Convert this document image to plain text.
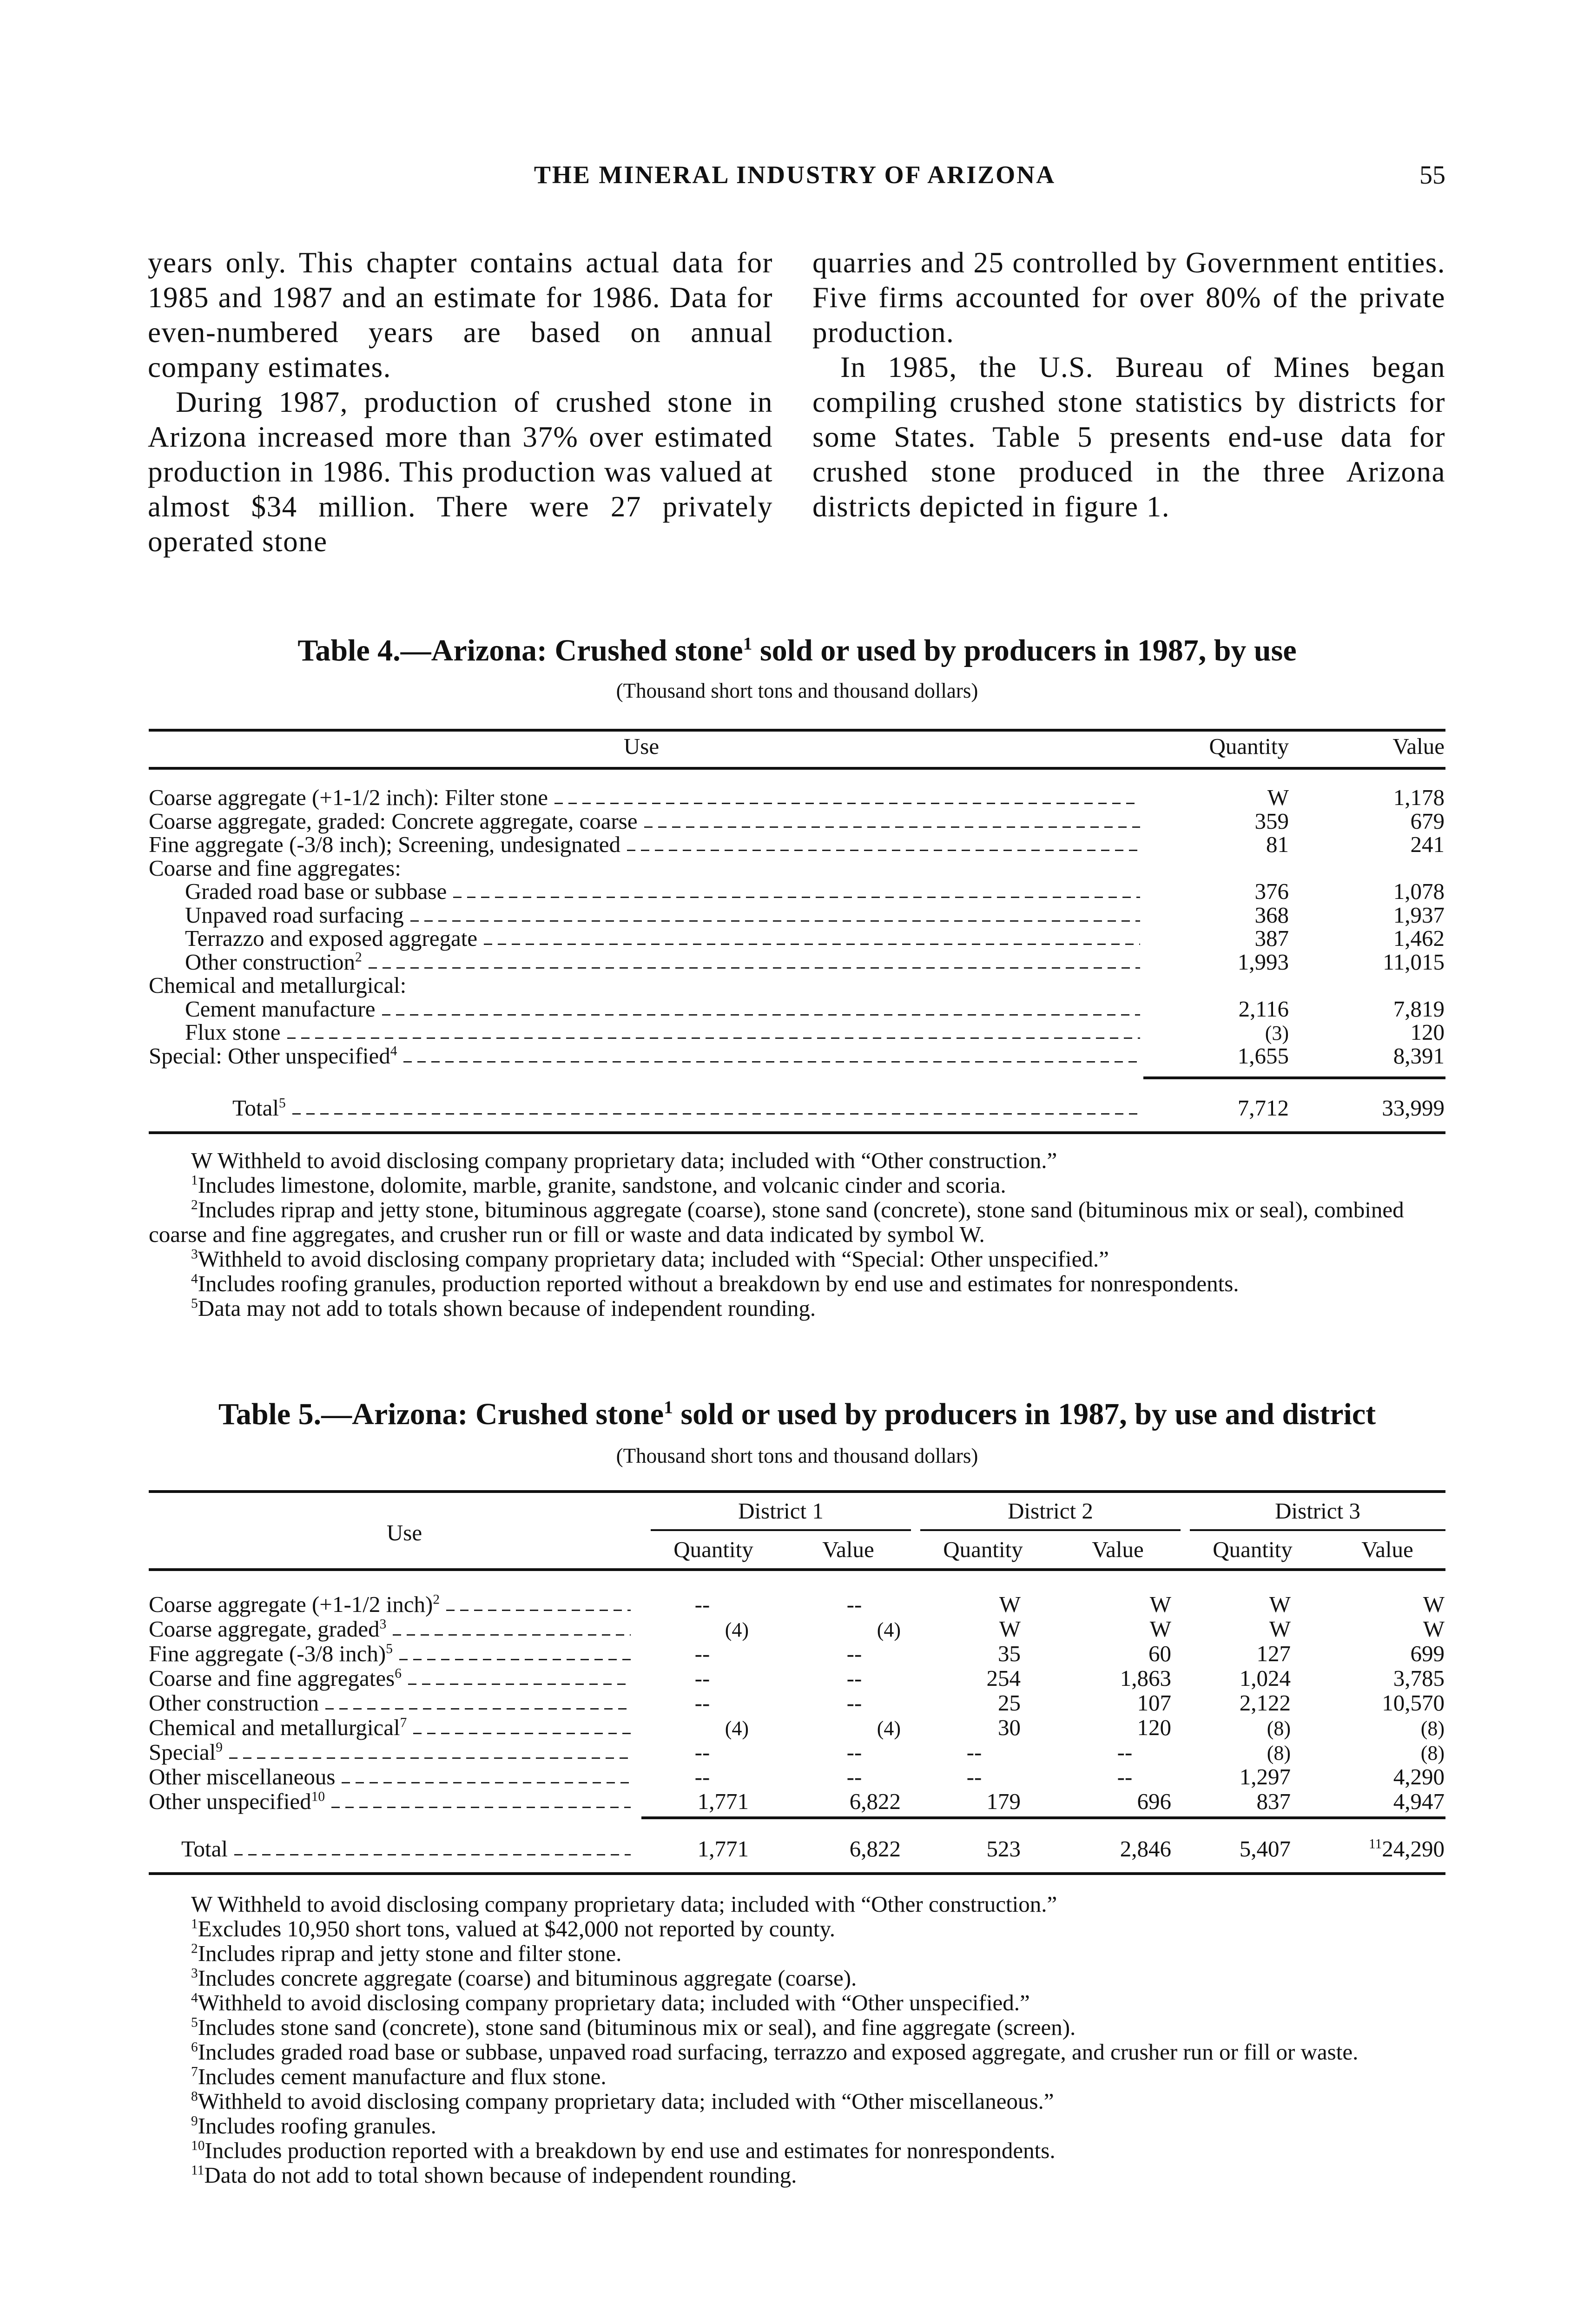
THE MINERAL INDUSTRY OF ARIZONA	55

years only. This chapter contains actual data for 1985 and 1987 and an estimate for 1986. Data for even-numbered years are based on annual company estimates.

During 1987, production of crushed stone in Arizona increased more than 37% over estimated production in 1986. This production was valued at almost $34 million. There were 27 privately operated stone

quarries and 25 controlled by Government entities. Five firms accounted for over 80% of the private production.

In 1985, the U.S. Bureau of Mines began compiling crushed stone statistics by districts for some States. Table 5 presents end-use data for crushed stone produced in the three Arizona districts depicted in figure 1.

Table 4.—Arizona: Crushed stone$^1$ sold or used by producers in 1987, by use
(Thousand short tons and thousand dollars)
Use	Quantity	Value
Coarse aggregate (+1-1/2 inch): Filter stone	W	1,178
Coarse aggregate, graded: Concrete aggregate, coarse	359	679
Fine aggregate (-3/8 inch); Screening, undesignated	81	241
Coarse and fine aggregates:
Graded road base or subbase	376	1,078
Unpaved road surfacing	368	1,937
Terrazzo and exposed aggregate	387	1,462
Other construction$^2$	1,993	11,015
Chemical and metallurgical:
Cement manufacture	2,116	7,819
Flux stone	(3)	120
Special: Other unspecified$^4$	1,655	8,391
Total$^5$	7,712	33,999

W Withheld to avoid disclosing company proprietary data; included with “Other construction.”

$^1$Includes limestone, dolomite, marble, granite, sandstone, and volcanic cinder and scoria.

$^2$Includes riprap and jetty stone, bituminous aggregate (coarse), stone sand (concrete), stone sand (bituminous mix or seal), combined coarse and fine aggregates, and crusher run or fill or waste and data indicated by symbol W.

$^3$Withheld to avoid disclosing company proprietary data; included with “Special: Other unspecified.”

$^4$Includes roofing granules, production reported without a breakdown by end use and estimates for nonrespondents.

$^5$Data may not add to totals shown because of independent rounding.

Table 5.—Arizona: Crushed stone$^1$ sold or used by producers in 1987, by use and district
(Thousand short tons and thousand dollars)
Use
District 1	District 2	District 3
Quantity	Value	Quantity	Value	Quantity	Value
Coarse aggregate (+1-1/2 inch)$^2$	--	--	W	W	W	W
Coarse aggregate, graded$^3$	(4)	(4)	W	W	W	W
Fine aggregate (-3/8 inch)$^5$	--	--	35	60	127	699
Coarse and fine aggregates$^6$	--	--	254	1,863	1,024	3,785
Other construction	--	--	25	107	2,122	10,570
Chemical and metallurgical$^7$	(4)	(4)	30	120	(8)	(8)
Special$^9$	--	--	--	--	(8)	(8)
Other miscellaneous	--	--	--	--	1,297	4,290
Other unspecified$^{10}$	1,771	6,822	179	696	837	4,947
Total	1,771	6,822	523	2,846	5,407	$^{11}$24,290

W Withheld to avoid disclosing company proprietary data; included with “Other construction.”

$^1$Excludes 10,950 short tons, valued at $42,000 not reported by county.

$^2$Includes riprap and jetty stone and filter stone.

$^3$Includes concrete aggregate (coarse) and bituminous aggregate (coarse).

$^4$Withheld to avoid disclosing company proprietary data; included with “Other unspecified.”

$^5$Includes stone sand (concrete), stone sand (bituminous mix or seal), and fine aggregate (screen).

$^6$Includes graded road base or subbase, unpaved road surfacing, terrazzo and exposed aggregate, and crusher run or fill or waste.

$^7$Includes cement manufacture and flux stone.

$^8$Withheld to avoid disclosing company proprietary data; included with “Other miscellaneous.”

$^9$Includes roofing granules.

$^{10}$Includes production reported with a breakdown by end use and estimates for nonrespondents.

$^{11}$Data do not add to total shown because of independent rounding.
